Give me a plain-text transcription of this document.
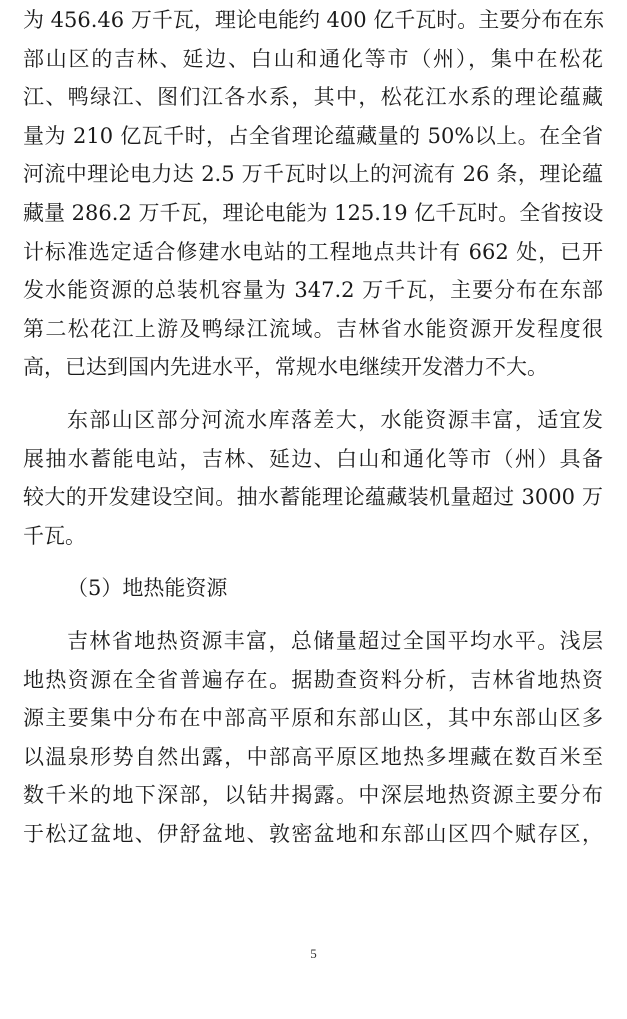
为 456.46 万千瓦，理论电能约 400 亿千瓦时。主要分布在东
部山区的吉林、延边、白山和通化等市（州），集中在松花
江、鸭绿江、图们江各水系，其中，松花江水系的理论蕴藏
量为 210 亿瓦千时，占全省理论蕴藏量的 50%以上。在全省
河流中理论电力达 2.5 万千瓦时以上的河流有 26 条，理论蕴
藏量 286.2 万千瓦，理论电能为 125.19 亿千瓦时。全省按设
计标准选定适合修建水电站的工程地点共计有 662 处，已开
发水能资源的总装机容量为 347.2 万千瓦，主要分布在东部
第二松花江上游及鸭绿江流域。吉林省水能资源开发程度很
高，已达到国内先进水平，常规水电继续开发潜力不大。
东部山区部分河流水库落差大，水能资源丰富，适宜发
展抽水蓄能电站，吉林、延边、白山和通化等市（州）具备
较大的开发建设空间。抽水蓄能理论蕴藏装机量超过 3000 万
千瓦。
（5）地热能资源
吉林省地热资源丰富，总储量超过全国平均水平。浅层
地热资源在全省普遍存在。据勘查资料分析，吉林省地热资
源主要集中分布在中部高平原和东部山区，其中东部山区多
以温泉形势自然出露，中部高平原区地热多埋藏在数百米至
数千米的地下深部，以钻井揭露。中深层地热资源主要分布
于松辽盆地、伊舒盆地、敦密盆地和东部山区四个赋存区，
5
